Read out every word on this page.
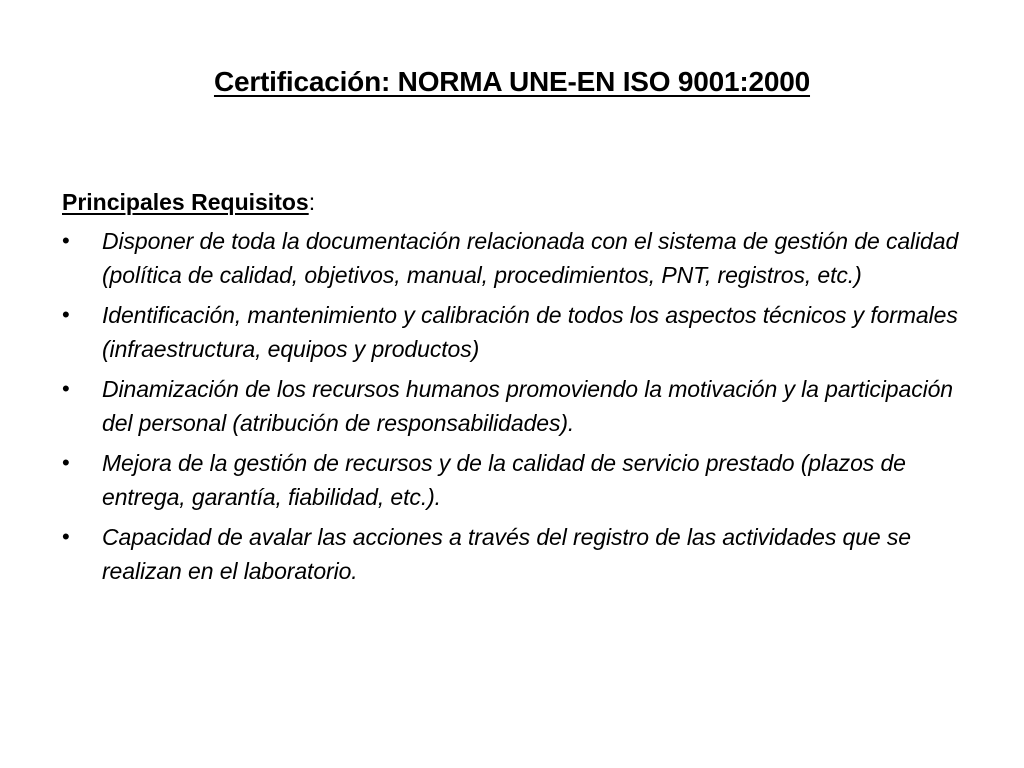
Certificación: NORMA UNE-EN ISO 9001:2000
Principales Requisitos:
• Disponer de toda la documentación relacionada con el sistema de gestión de calidad (política de calidad, objetivos, manual, procedimientos, PNT, registros, etc.)
• Identificación, mantenimiento y calibración de todos los aspectos técnicos y formales (infraestructura, equipos y productos)
• Dinamización de los recursos humanos promoviendo la motivación y la participación del personal (atribución de responsabilidades).
• Mejora de la gestión de recursos y de la calidad de servicio prestado (plazos de entrega, garantía, fiabilidad, etc.).
• Capacidad de avalar las acciones a través del registro de las actividades que se realizan en el laboratorio.
